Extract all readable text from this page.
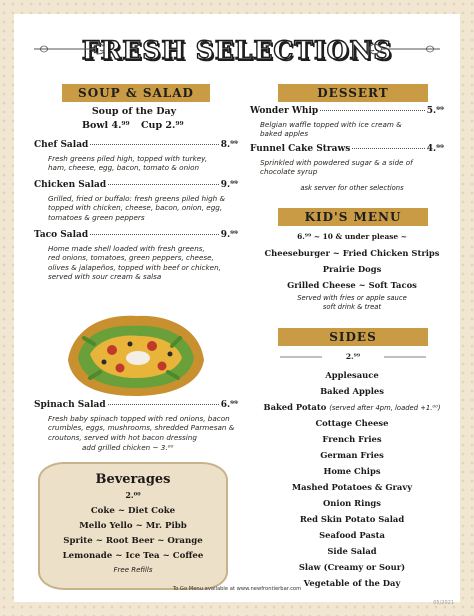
FRESH SELECTIONS
SOUP & SALAD
Soup of the Day
Bowl 4.⁹⁹ Cup 2.⁹⁹
Chef Salad	8.⁹⁹
Fresh greens piled high, topped with turkey,
ham, cheese, egg, bacon, tomato & onion
Chicken Salad	9.⁹⁹
Grilled, fried or buffalo: fresh greens piled high &
topped with chicken, cheese, bacon, onion, egg,
tomatoes & green peppers
Taco Salad	9.⁹⁹
Home made shell loaded with fresh greens,
red onions, tomatoes, green peppers, cheese,
olives & jalapeños, topped with beef or chicken,
served with sour cream & salsa
Spinach Salad	6.⁹⁹
Fresh baby spinach topped with red onions, bacon
crumbles, eggs, mushrooms, shredded Parmesan &
croutons, served with hot bacon dressing
add grilled chicken ~ 3.⁰⁰
Beverages
2.⁰⁰
Coke ~ Diet Coke
Mello Yello ~ Mr. Pibb
Sprite ~ Root Beer ~ Orange
Lemonade ~ Ice Tea ~ Coffee
Free Refills
DESSERT
Wonder Whip	5.⁹⁹
Belgian waffle topped with ice cream &
baked apples
Funnel Cake Straws	4.⁹⁹
Sprinkled with powdered sugar & a side of
chocolate syrup
ask server for other selections
KID'S MENU
6.⁹⁹ ~ 10 & under please ~
Cheeseburger ~ Fried Chicken Strips
Prairie Dogs
Grilled Cheese ~ Soft Tacos
Served with fries or apple sauce
soft drink & treat
SIDES
2.⁹⁹
Applesauce
Baked Apples
Baked Potato (served after 4pm, loaded +1.⁰⁰)
Cottage Cheese
French Fries
German Fries
Home Chips
Mashed Potatoes & Gravy
Onion Rings
Red Skin Potato Salad
Seafood Pasta
Side Salad
Slaw (Creamy or Sour)
Vegetable of the Day
To Go Menu available at www.newfrontierbar.com
05/2021
